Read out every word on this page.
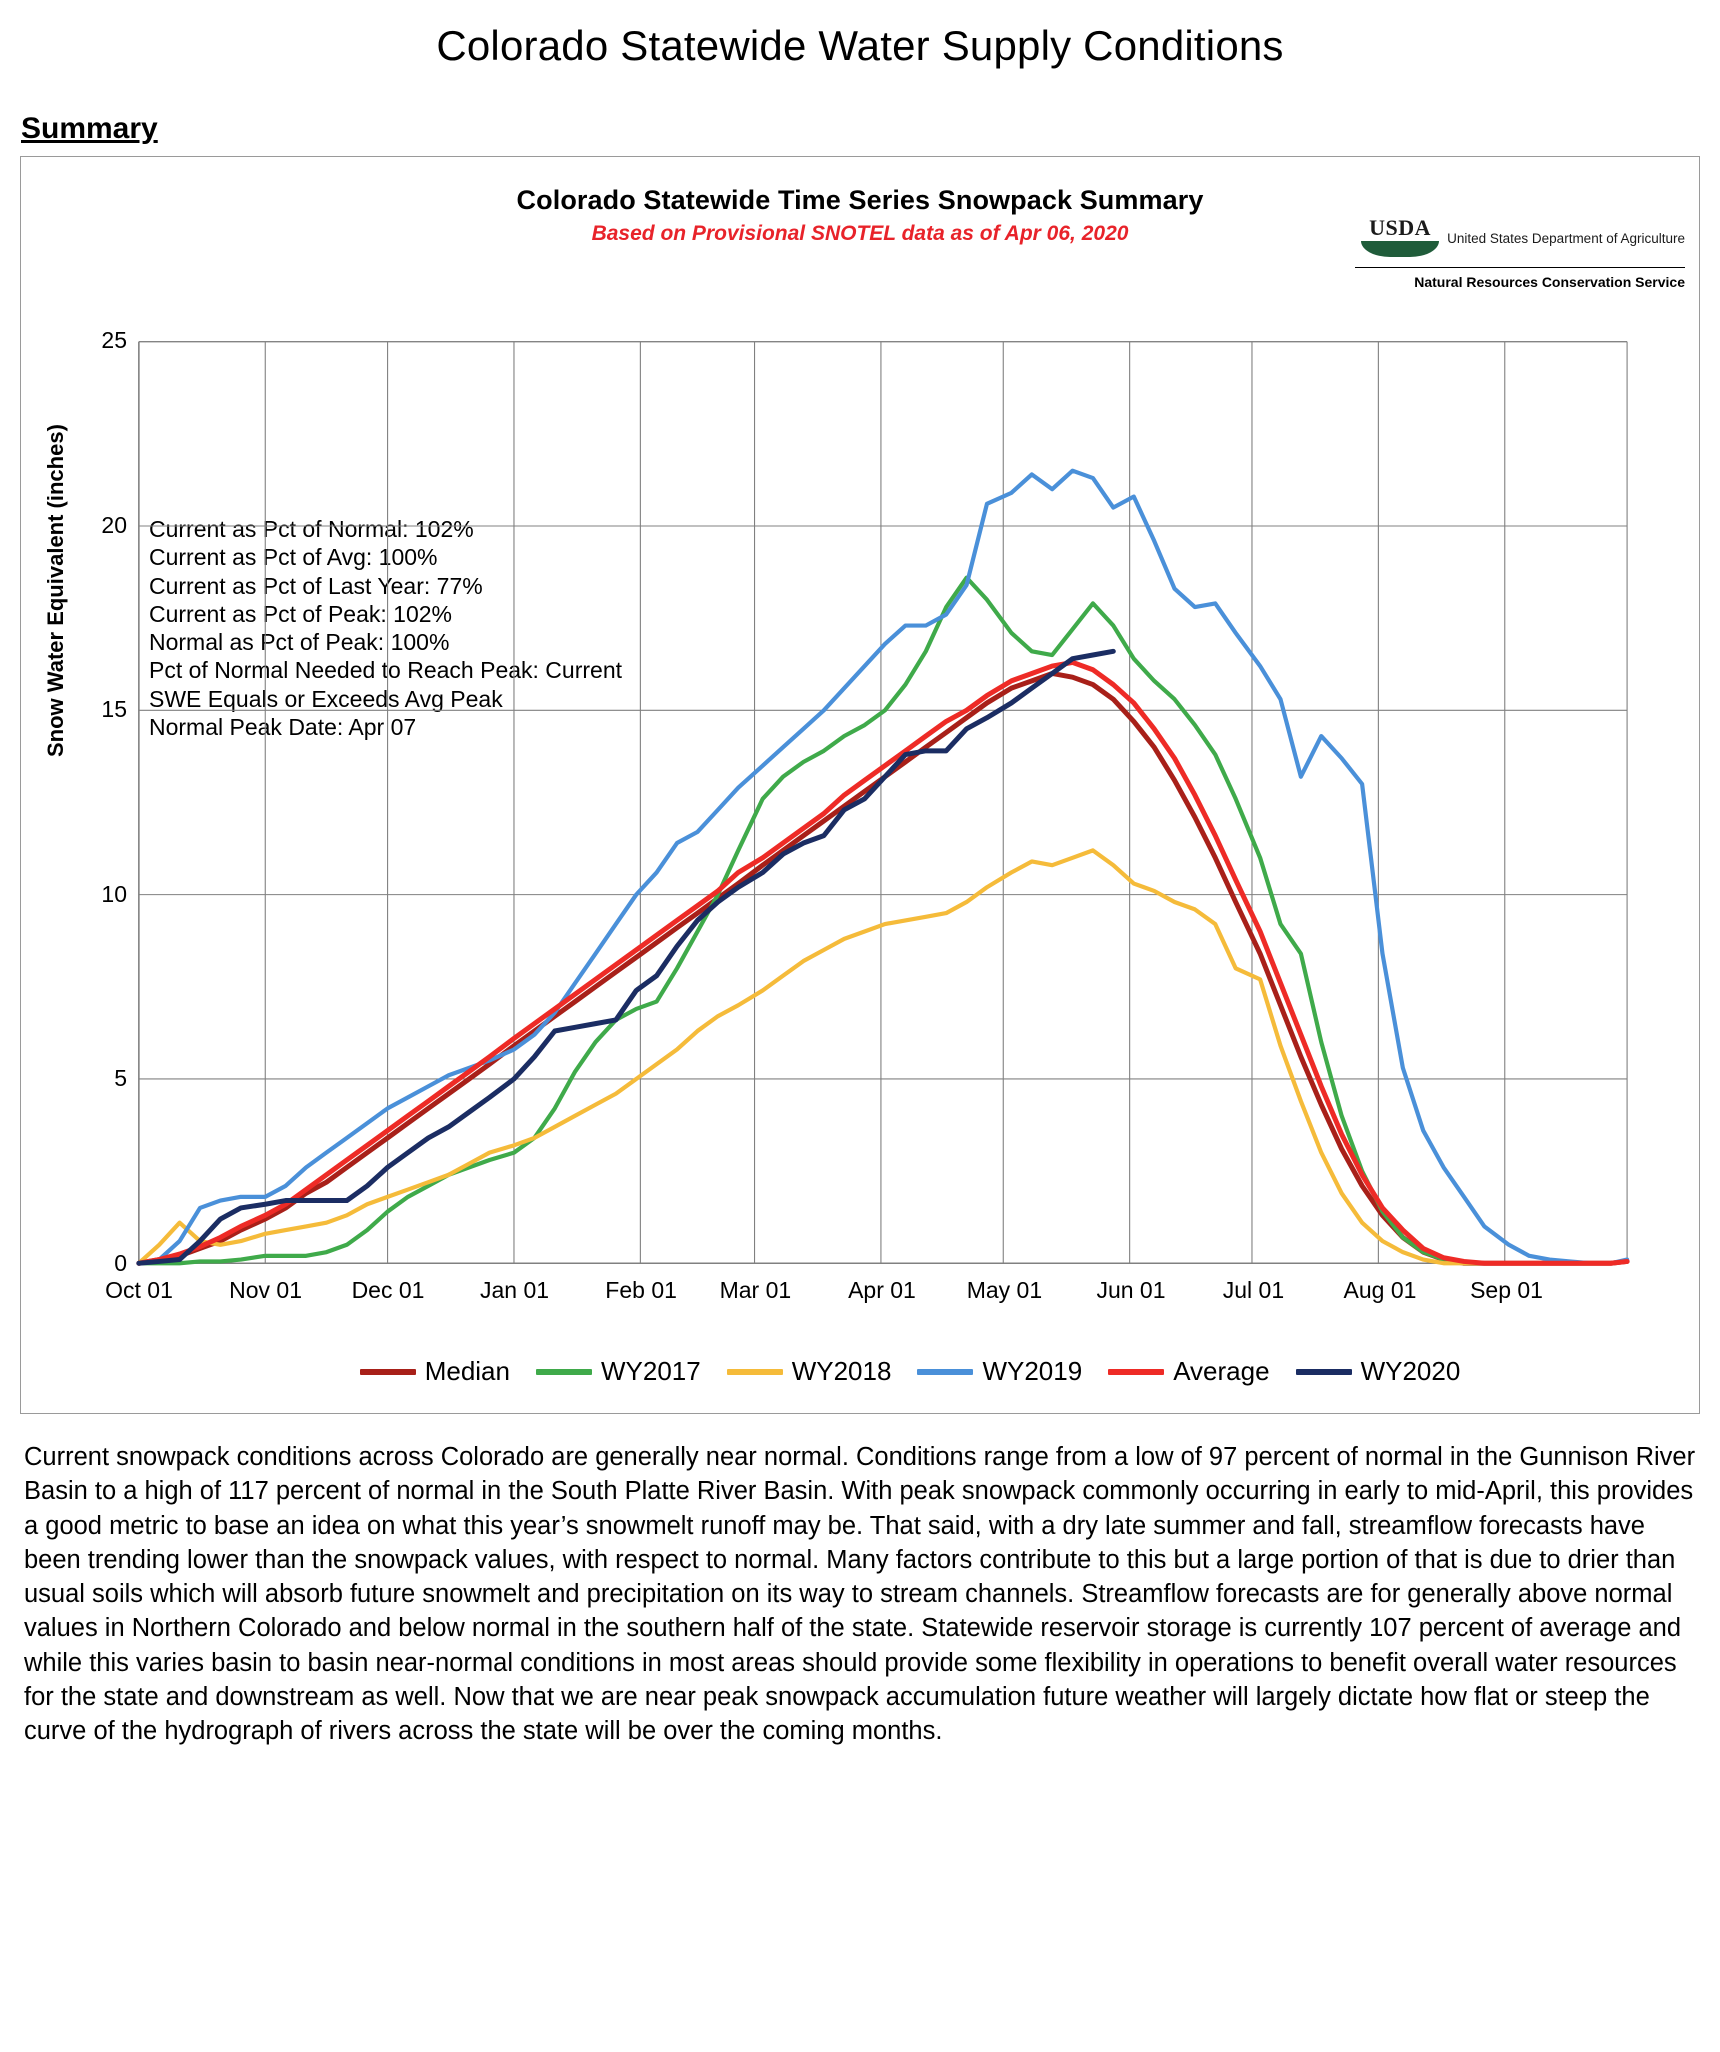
Colorado Statewide Water Supply Conditions
Summary
Colorado Statewide Time Series Snowpack Summary
Based on Provisional SNOTEL data as of Apr 06, 2020	USDA	United States Department of Agriculture
Natural Resources Conservation Service
Snow Water Equivalent (inches)	Current as Pct of Normal: 102%
Current as Pct of Avg: 100%
Current as Pct of Last Year: 77%
Current as Pct of Peak: 102%
Normal as Pct of Peak: 100%
Pct of Normal Needed to Reach Peak: Current
SWE Equals or Exceeds Avg Peak
Normal Peak Date: Apr 07
0
5
10
15
20
25
Oct 01	Nov 01	Dec 01	Jan 01	Feb 01	Mar 01	Apr 01	May 01	Jun 01	Jul 01	Aug 01	Sep 01
Median	WY2017	WY2018	WY2019	Average	WY2020
Current snowpack conditions across Colorado are generally near normal. Conditions range from a low of 97 percent of normal in the Gunnison River Basin to a high of 117 percent of normal in the South Platte River Basin. With peak snowpack commonly occurring in early to mid-April, this provides a good metric to base an idea on what this year’s snowmelt runoff may be. That said, with a dry late summer and fall, streamflow forecasts have been trending lower than the snowpack values, with respect to normal. Many factors contribute to this but a large portion of that is due to drier than usual soils which will absorb future snowmelt and precipitation on its way to stream channels. Streamflow forecasts are for generally above normal values in Northern Colorado and below normal in the southern half of the state. Statewide reservoir storage is currently 107 percent of average and while this varies basin to basin near-normal conditions in most areas should provide some flexibility in operations to benefit overall water resources for the state and downstream as well. Now that we are near peak snowpack accumulation future weather will largely dictate how flat or steep the curve of the hydrograph of rivers across the state will be over the coming months.
